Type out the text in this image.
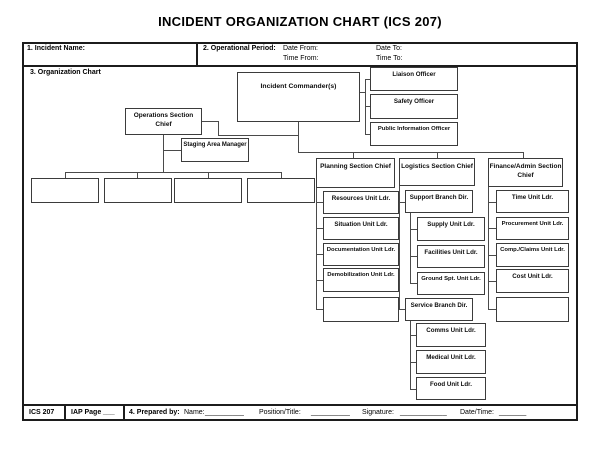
INCIDENT ORGANIZATION CHART (ICS 207)
1. Incident Name:	2. Operational Period: Date From:	Date To:
Time From:	Time To:
3. Organization Chart
Incident Commander(s)
Liaison Officer
Safety Officer
Public Information Officer
Operations Section Chief
Staging Area Manager
Planning Section Chief	Logistics Section Chief	Finance/Admin Section Chief
Resources Unit Ldr.
Situation Unit Ldr.
Documentation Unit Ldr.
Demobilization Unit Ldr.
Support Branch Dir.
Supply Unit Ldr.
Facilities Unit Ldr.
Ground Spt. Unit Ldr.
Service Branch Dir.
Comms Unit Ldr.
Medical Unit Ldr.
Food Unit Ldr.
Time Unit Ldr.
Procurement Unit Ldr.
Comp./Claims Unit Ldr.
Cost Unit Ldr.
ICS 207 IAP Page ___ 4. Prepared by: Name: __________ Position/Title: __________ Signature: ____________ Date/Time: _______
